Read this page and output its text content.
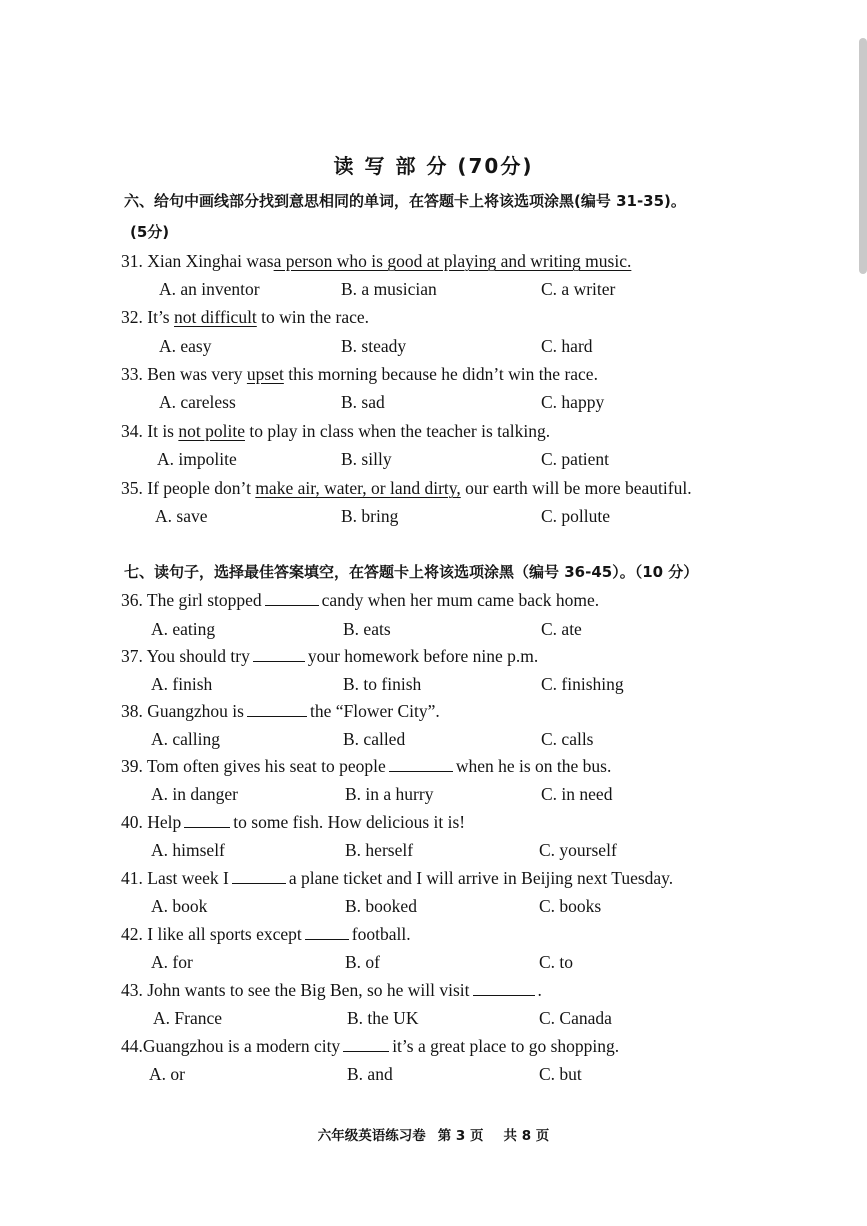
读 写 部 分 (70分)
六、给句中画线部分找到意思相同的单词，在答题卡上将该选项涂黑(编号 31-35)。
(5分)
31. Xian Xinghai wasa person who is good at playing and writing music.
A. an inventor	B. a musician	C. a writer
32. It’s not difficult to win the race.
A. easy	B. steady	C. hard
33. Ben was very upset this morning because he didn’t win the race.
A. careless	B. sad	C. happy
34. It is not polite to play in class when the teacher is talking.
A. impolite	B. silly	C. patient
35. If people don’t make air, water, or land dirty, our earth will be more beautiful.
A. save	B. bring	C. pollute
七、读句子，选择最佳答案填空，在答题卡上将该选项涂黑（编号 36-45）。（10 分）
36. The girl stopped	candy when her mum came back home.
A. eating	B. eats	C. ate
37. You should try	your homework before nine p.m.
A. finish	B. to finish	C. finishing
38. Guangzhou is	the “Flower City”.
A. calling	B. called	C. calls
39. Tom often gives his seat to people	when he is on the bus.
A. in danger	B. in a hurry	C. in need
40. Help	to some fish. How delicious it is!
A. himself	B. herself	C. yourself
41. Last week I	a plane ticket and I will arrive in Beijing next Tuesday.
A. book	B. booked	C. books
42. I like all sports except	football.
A. for	B. of	C. to
43. John wants to see the Big Ben, so he will visit	.
A. France	B. the UK	C. Canada
44.Guangzhou is a modern city	it’s a great place to go shopping.
A. or	B. and	C. but
六年级英语练习卷 第 3 页 共 8 页
